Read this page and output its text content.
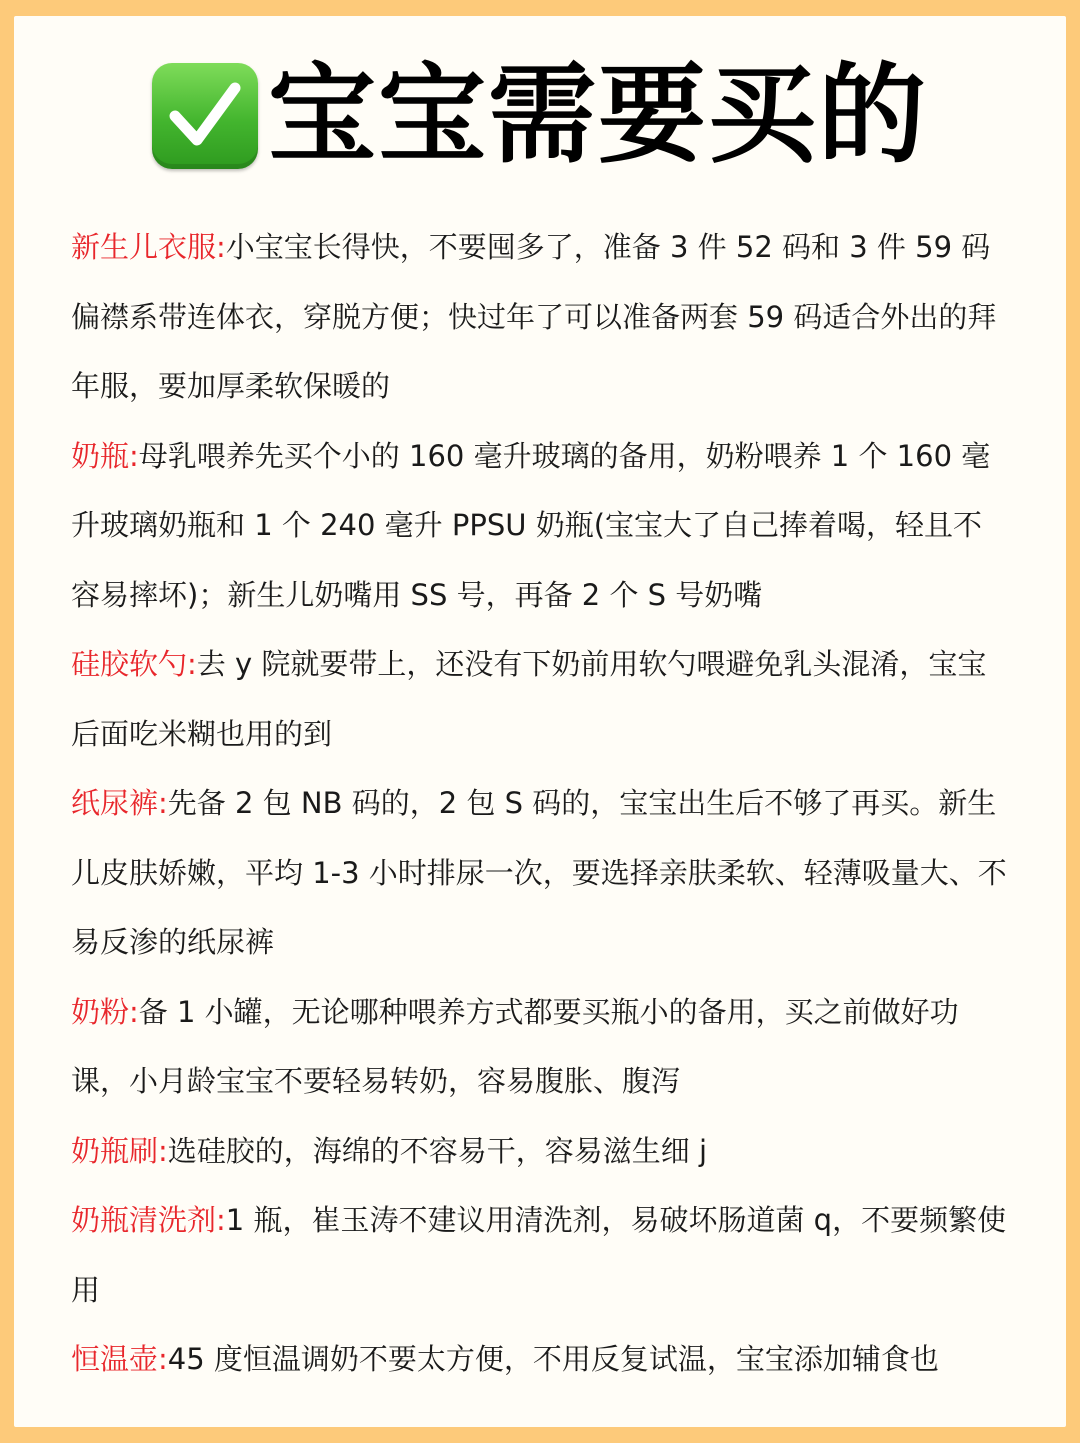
宝宝需要买的

新生儿衣服:小宝宝长得快，不要囤多了，准备 3 件 52 码和 3 件 59 码偏襟系带连体衣，穿脱方便；快过年了可以准备两套 59 码适合外出的拜年服，要加厚柔软保暖的

奶瓶:母乳喂养先买个小的 160 毫升玻璃的备用，奶粉喂养 1 个 160 毫升玻璃奶瓶和 1 个 240 毫升 PPSU 奶瓶(宝宝大了自己捧着喝，轻且不容易摔坏)；新生儿奶嘴用 SS 号，再备 2 个 S 号奶嘴

硅胶软勺:去 y 院就要带上，还没有下奶前用软勺喂避免乳头混淆，宝宝后面吃米糊也用的到

纸尿裤:先备 2 包 NB 码的，2 包 S 码的，宝宝出生后不够了再买。新生儿皮肤娇嫩，平均 1-3 小时排尿一次，要选择亲肤柔软、轻薄吸量大、不易反渗的纸尿裤

奶粉:备 1 小罐，无论哪种喂养方式都要买瓶小的备用，买之前做好功课，小月龄宝宝不要轻易转奶，容易腹胀、腹泻

奶瓶刷:选硅胶的，海绵的不容易干，容易滋生细 j

奶瓶清洗剂:1 瓶，崔玉涛不建议用清洗剂，易破坏肠道菌 q，不要频繁使用

恒温壶:45 度恒温调奶不要太方便，不用反复试温，宝宝添加辅食也
